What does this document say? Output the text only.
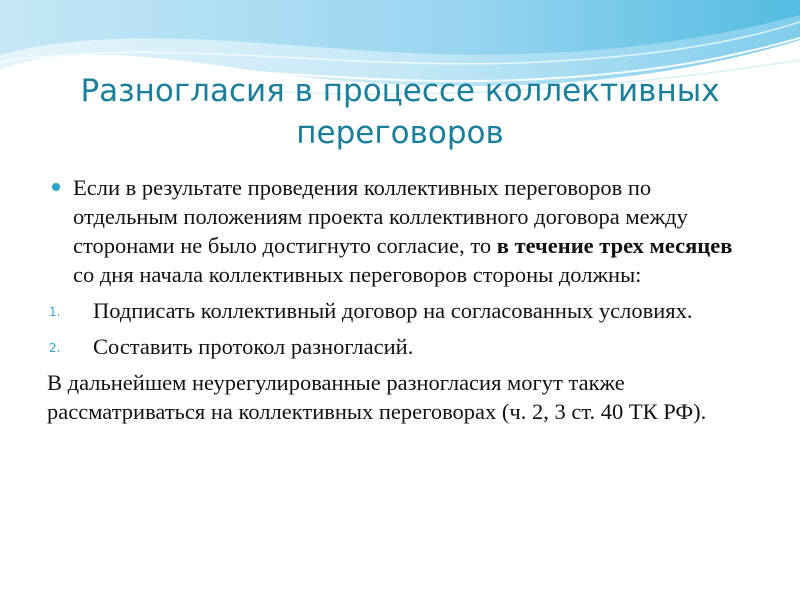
Разногласия в процессе коллективных переговоров

Если в результате проведения коллективных переговоров по отдельным положениям проекта коллективного договора между сторонами не было достигнуто согласие, то в течение трех месяцев со дня начала коллективных переговоров стороны должны:

1. Подписать коллективный договор на согласованных условиях.

2. Составить протокол разногласий.

В дальнейшем неурегулированные разногласия могут также рассматриваться на коллективных переговорах (ч. 2, 3 ст. 40 ТК РФ).
